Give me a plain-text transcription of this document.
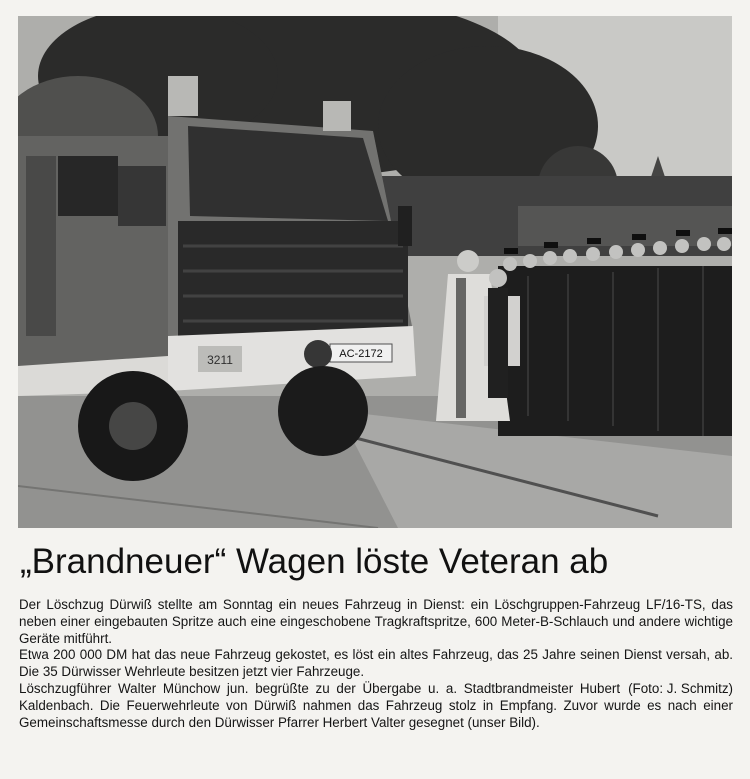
3211	AC-2172
„Brandneuer“ Wagen löste Veteran ab

Der Löschzug Dürwiß stellte am Sonntag ein neues Fahrzeug in Dienst: ein Löschgruppen-Fahrzeug LF/16-TS, das neben einer eingebauten Spritze auch eine eingeschobene Tragkraftspritze, 600 Meter-B-Schlauch und andere wichtige Geräte mitführt.

Etwa 200 000 DM hat das neue Fahrzeug gekostet, es löst ein altes Fahrzeug, das 25 Jahre seinen Dienst versah, ab. Die 35 Dürwisser Wehrleute besitzen jetzt vier Fahrzeuge.

(Foto: J. Schmitz)
Löschzugführer Walter Münchow jun. begrüßte zu der Übergabe u. a. Stadtbrandmeister Hubert Kaldenbach. Die Feuerwehrleute von Dürwiß nahmen das Fahrzeug stolz in Empfang. Zuvor wurde es nach einer Gemeinschaftsmesse durch den Dürwisser Pfarrer Herbert Valter gesegnet (unser Bild).
